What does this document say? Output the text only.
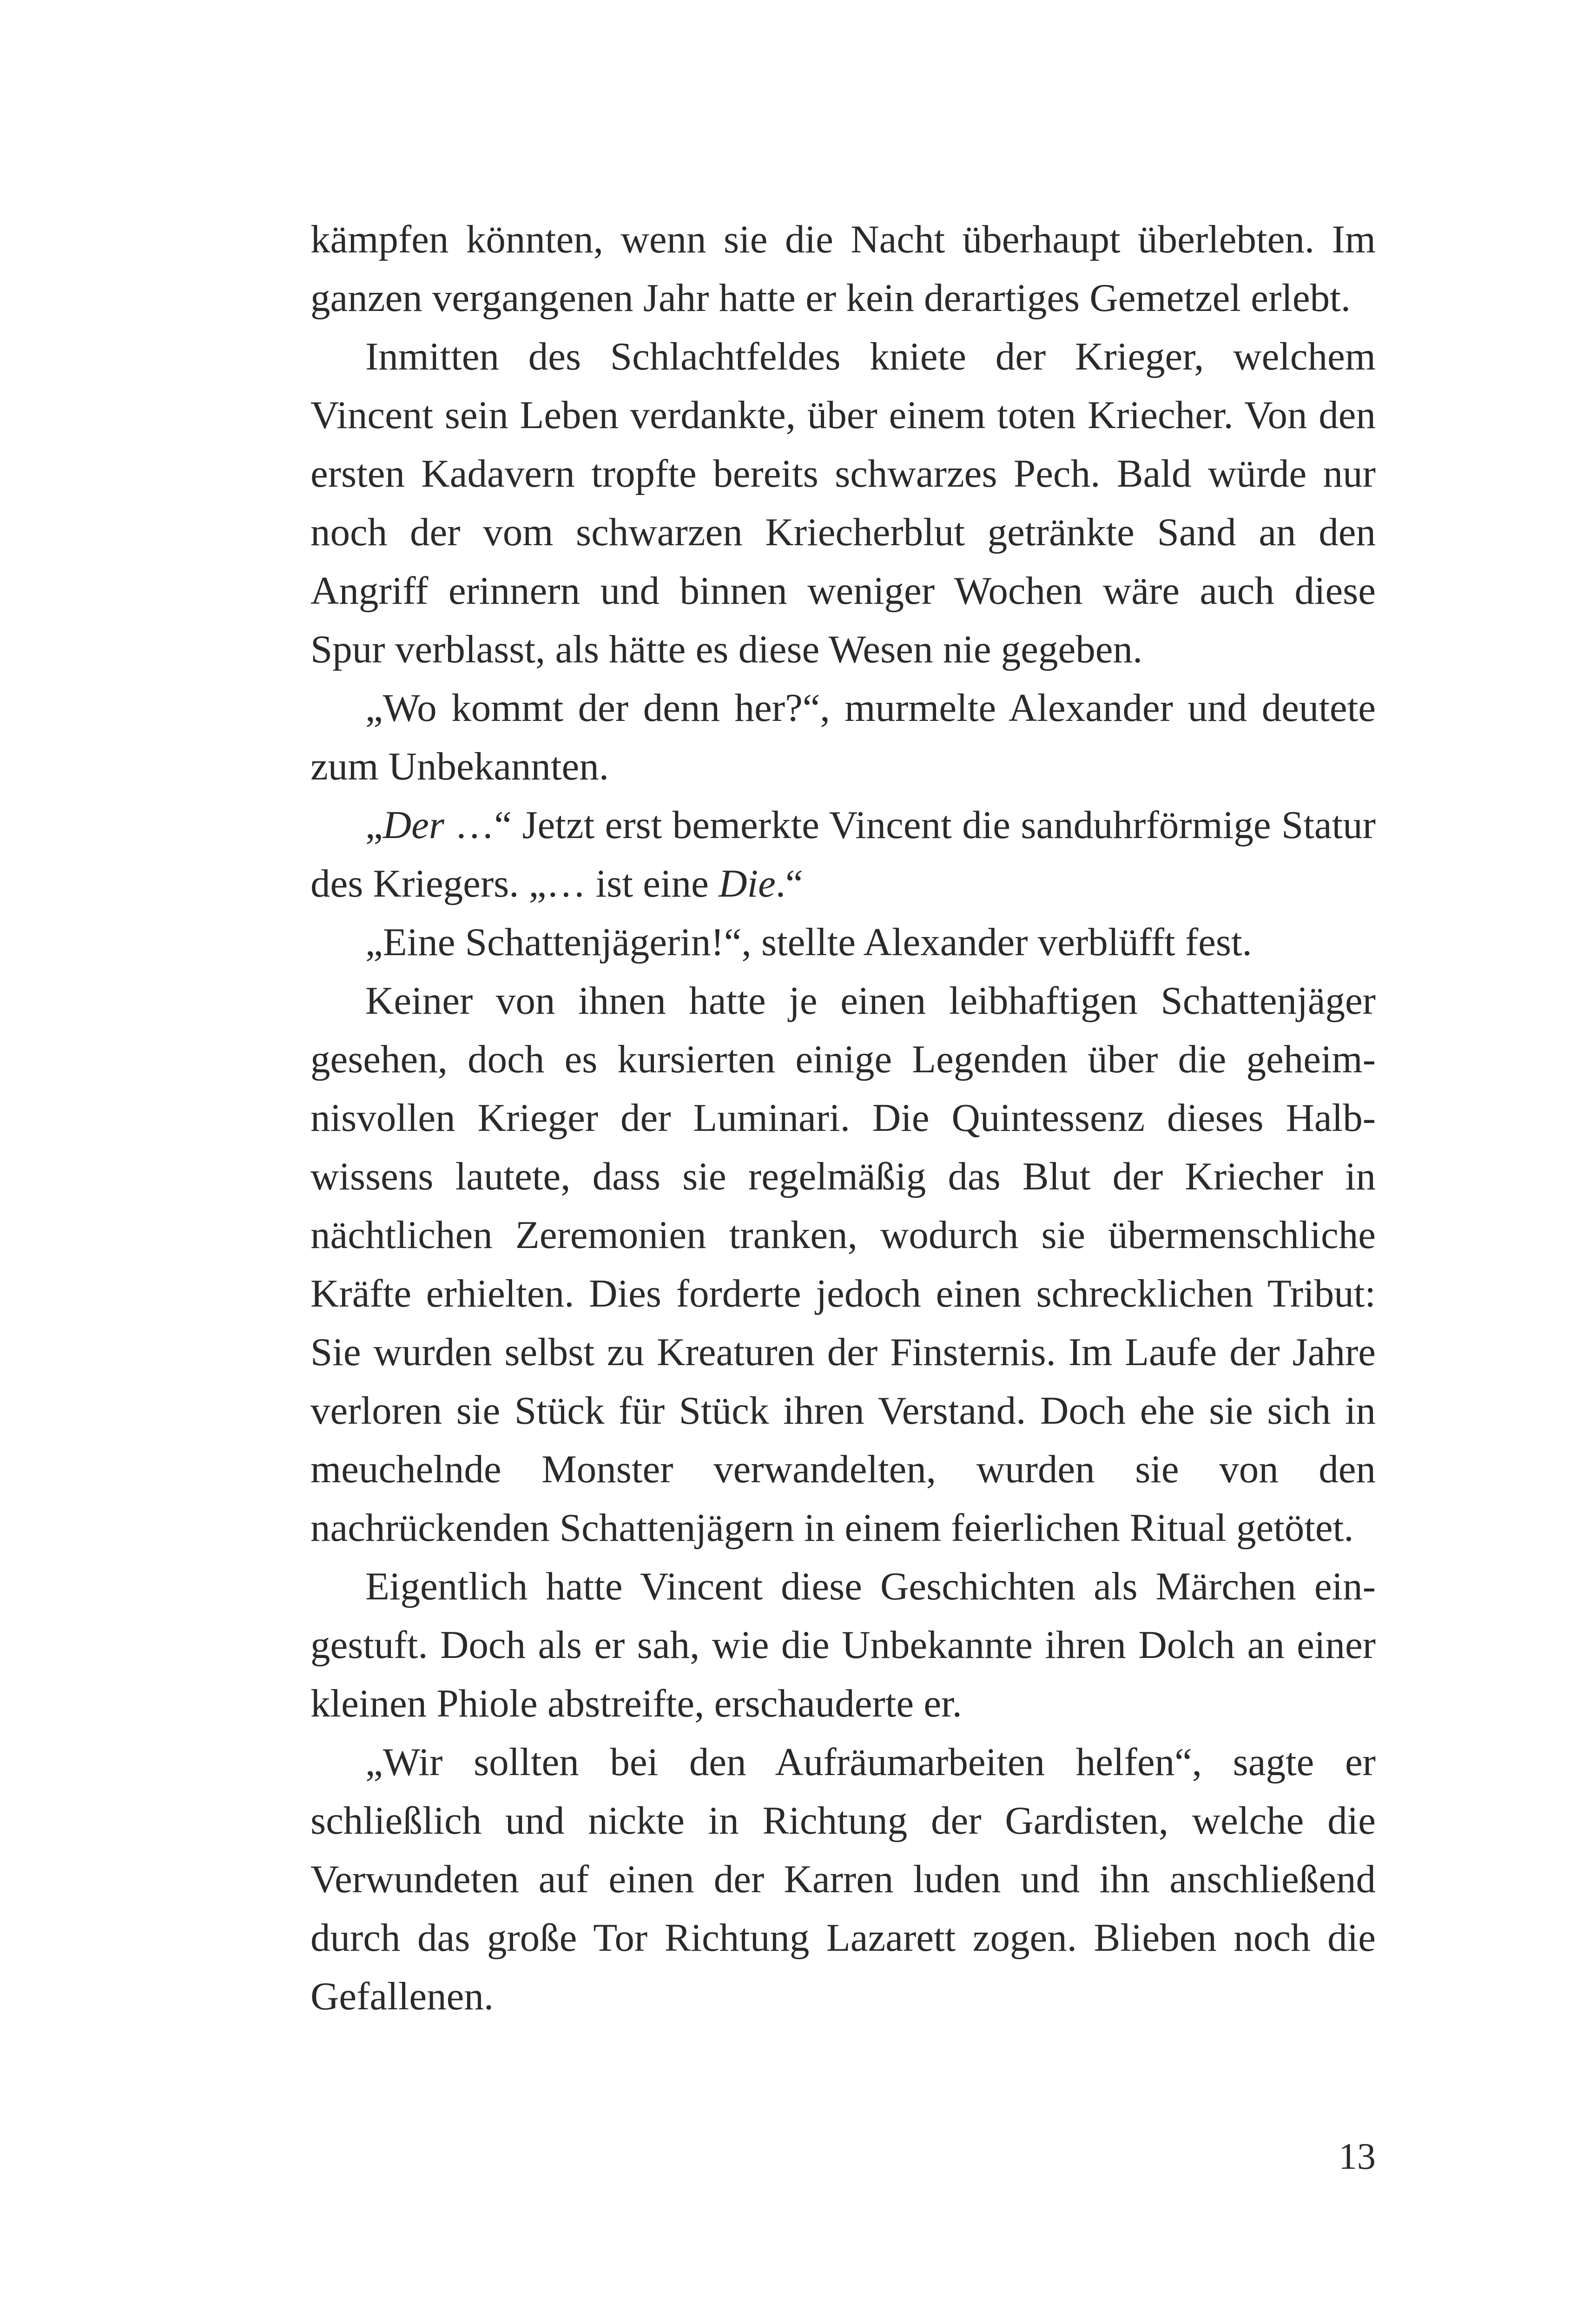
kämpfen könnten, wenn sie die Nacht überhaupt überlebten. Im ganzen vergangenen Jahr hatte er kein derartiges Gemetzel erlebt.

Inmitten des Schlachtfeldes kniete der Krieger, welchem Vincent sein Leben verdankte, über einem toten Kriecher. Von den ersten Kadavern tropfte bereits schwarzes Pech. Bald würde nur noch der vom schwarzen Kriecherblut getränkte Sand an den Angriff erinnern und binnen weniger Wochen wäre auch diese Spur verblasst, als hätte es diese Wesen nie gegeben.

„Wo kommt der denn her?“, murmelte Alexander und deutete zum Unbekannten.

„Der …“ Jetzt erst bemerkte Vincent die sanduhrförmige Statur des Kriegers. „… ist eine Die.“

„Eine Schattenjägerin!“, stellte Alexander verblüfft fest.

Keiner von ihnen hatte je einen leibhaftigen Schattenjäger gesehen, doch es kursierten einige Legenden über die geheimnisvollen Krieger der Luminari. Die Quintessenz dieses Halbwissens lautete, dass sie regelmäßig das Blut der Kriecher in nächtlichen Zeremonien tranken, wodurch sie übermenschliche Kräfte erhielten. Dies forderte jedoch einen schrecklichen Tribut: Sie wurden selbst zu Kreaturen der Finsternis. Im Laufe der Jahre verloren sie Stück für Stück ihren Verstand. Doch ehe sie sich in meuchelnde Monster verwandelten, wurden sie von den nachrückenden Schattenjägern in einem feierlichen Ritual getötet.

Eigentlich hatte Vincent diese Geschichten als Märchen eingestuft. Doch als er sah, wie die Unbekannte ihren Dolch an einer kleinen Phiole abstreifte, erschauderte er.

„Wir sollten bei den Aufräumarbeiten helfen“, sagte er schließlich und nickte in Richtung der Gardisten, welche die Verwundeten auf einen der Karren luden und ihn anschließend durch das große Tor Richtung Lazarett zogen. Blieben noch die Gefallenen.

13
